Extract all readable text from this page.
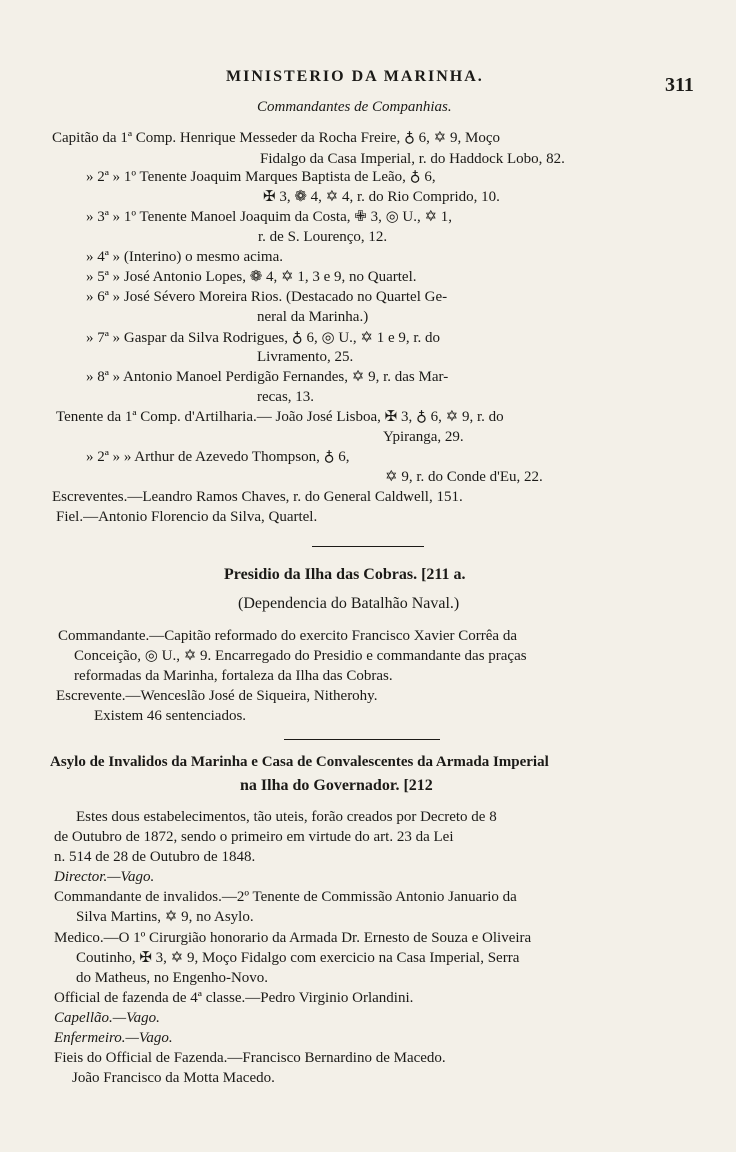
MINISTERIO DA MARINHA.	311
Commandantes de Companhias.
Capitão da 1ª Comp. Henrique Messeder da Rocha Freire, ♁ 6, ✡ 9, Moço
Fidalgo da Casa Imperial, r. do Haddock Lobo, 82.
» 2ª » 1º Tenente Joaquim Marques Baptista de Leão, ♁ 6,
✠ 3, ❁ 4, ✡ 4, r. do Rio Comprido, 10.
» 3ª » 1º Tenente Manoel Joaquim da Costa, ✙ 3, ◎ U., ✡ 1,
r. de S. Lourenço, 12.
» 4ª » (Interino) o mesmo acima.
» 5ª » José Antonio Lopes, ❁ 4, ✡ 1, 3 e 9, no Quartel.
» 6ª » José Sévero Moreira Rios. (Destacado no Quartel Ge-
neral da Marinha.)
» 7ª » Gaspar da Silva Rodrigues, ♁ 6, ◎ U., ✡ 1 e 9, r. do
Livramento, 25.
» 8ª » Antonio Manoel Perdigão Fernandes, ✡ 9, r. das Mar-
recas, 13.
Tenente da 1ª Comp. d'Artilharia.— João José Lisboa, ✠ 3, ♁ 6, ✡ 9, r. do
Ypiranga, 29.
» 2ª » » Arthur de Azevedo Thompson, ♁ 6,
✡ 9, r. do Conde d'Eu, 22.
Escreventes.—Leandro Ramos Chaves, r. do General Caldwell, 151.
Fiel.—Antonio Florencio da Silva, Quartel.
Presidio da Ilha das Cobras. [211 a.
(Dependencia do Batalhão Naval.)
Commandante.—Capitão reformado do exercito Francisco Xavier Corrêa da
Conceição, ◎ U., ✡ 9. Encarregado do Presidio e commandante das praças
reformadas da Marinha, fortaleza da Ilha das Cobras.
Escrevente.—Wenceslão José de Siqueira, Nitherohy.
Existem 46 sentenciados.
Asylo de Invalidos da Marinha e Casa de Convalescentes da Armada Imperial
na Ilha do Governador. [212
Estes dous estabelecimentos, tão uteis, forão creados por Decreto de 8
de Outubro de 1872, sendo o primeiro em virtude do art. 23 da Lei
n. 514 de 28 de Outubro de 1848.
Director.—Vago.
Commandante de invalidos.—2º Tenente de Commissão Antonio Januario da
Silva Martins, ✡ 9, no Asylo.
Medico.—O 1º Cirurgião honorario da Armada Dr. Ernesto de Souza e Oliveira
Coutinho, ✠ 3, ✡ 9, Moço Fidalgo com exercicio na Casa Imperial, Serra
do Matheus, no Engenho-Novo.
Official de fazenda de 4ª classe.—Pedro Virginio Orlandini.
Capellão.—Vago.
Enfermeiro.—Vago.
Fieis do Official de Fazenda.—Francisco Bernardino de Macedo.
João Francisco da Motta Macedo.
